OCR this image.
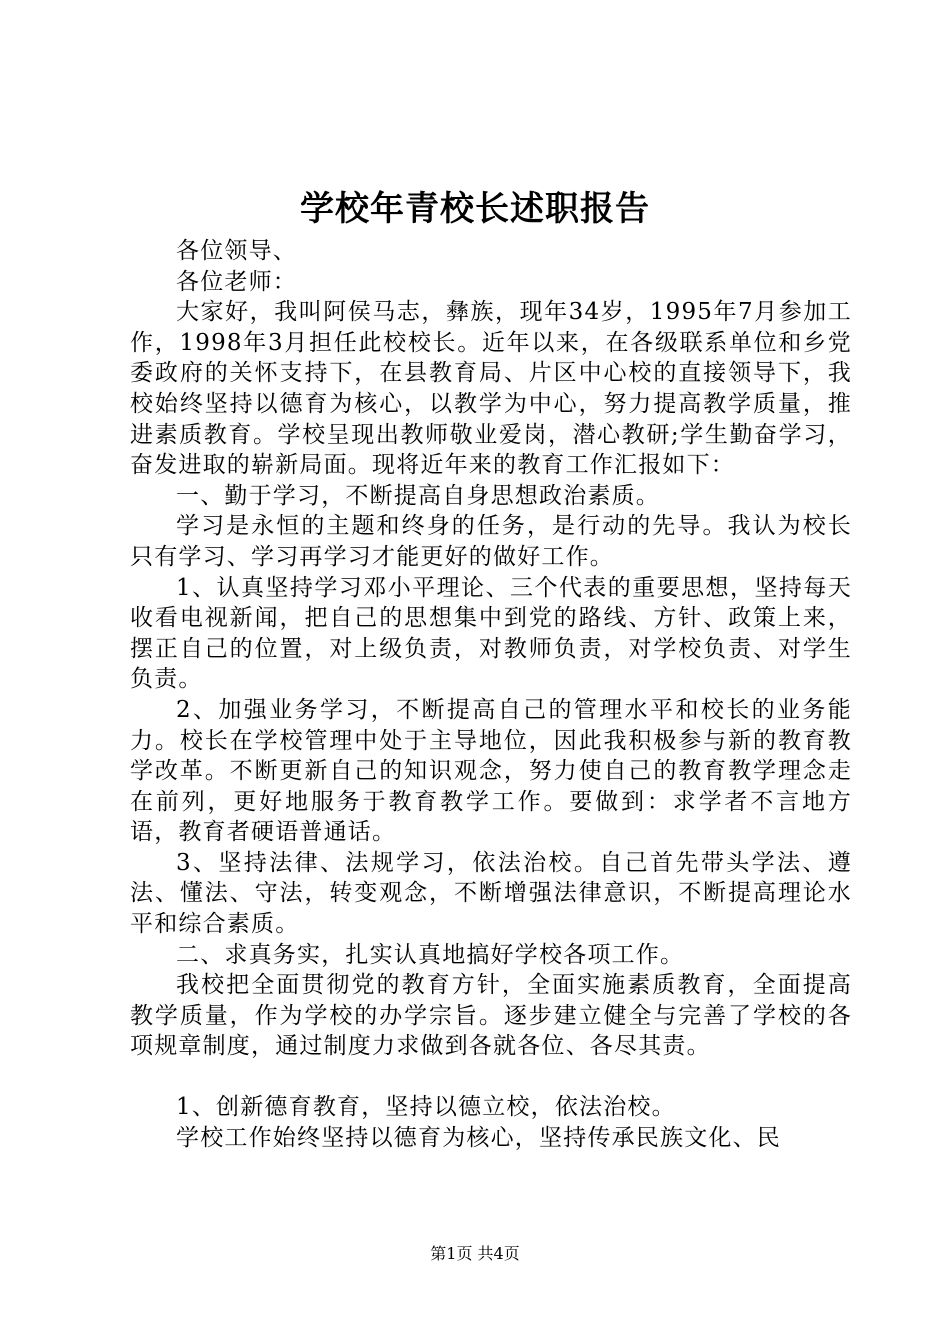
学校年青校长述职报告

各位领导、

各位老师：

大家好，我叫阿侯马志，彝族，现年34岁，1995年7月参加工作，1998年3月担任此校校长。近年以来，在各级联系单位和乡党委政府的关怀支持下，在县教育局、片区中心校的直接领导下，我校始终坚持以德育为核心，以教学为中心，努力提高教学质量，推进素质教育。学校呈现出教师敬业爱岗，潜心教研;学生勤奋学习，奋发进取的崭新局面。现将近年来的教育工作汇报如下：

一、勤于学习，不断提高自身思想政治素质。

学习是永恒的主题和终身的任务，是行动的先导。我认为校长只有学习、学习再学习才能更好的做好工作。

1、认真坚持学习邓小平理论、三个代表的重要思想，坚持每天收看电视新闻，把自己的思想集中到党的路线、方针、政策上来，摆正自己的位置，对上级负责，对教师负责，对学校负责、对学生负责。

2、加强业务学习，不断提高自己的管理水平和校长的业务能力。校长在学校管理中处于主导地位，因此我积极参与新的教育教学改革。不断更新自己的知识观念，努力使自己的教育教学理念走在前列，更好地服务于教育教学工作。要做到：求学者不言地方语，教育者硬语普通话。

3、坚持法律、法规学习，依法治校。自己首先带头学法、遵法、懂法、守法，转变观念，不断增强法律意识，不断提高理论水平和综合素质。

二、求真务实，扎实认真地搞好学校各项工作。

我校把全面贯彻党的教育方针，全面实施素质教育，全面提高教学质量，作为学校的办学宗旨。逐步建立健全与完善了学校的各项规章制度，通过制度力求做到各就各位、各尽其责。

1、创新德育教育，坚持以德立校，依法治校。

学校工作始终坚持以德育为核心，坚持传承民族文化、民

第1页 共4页
